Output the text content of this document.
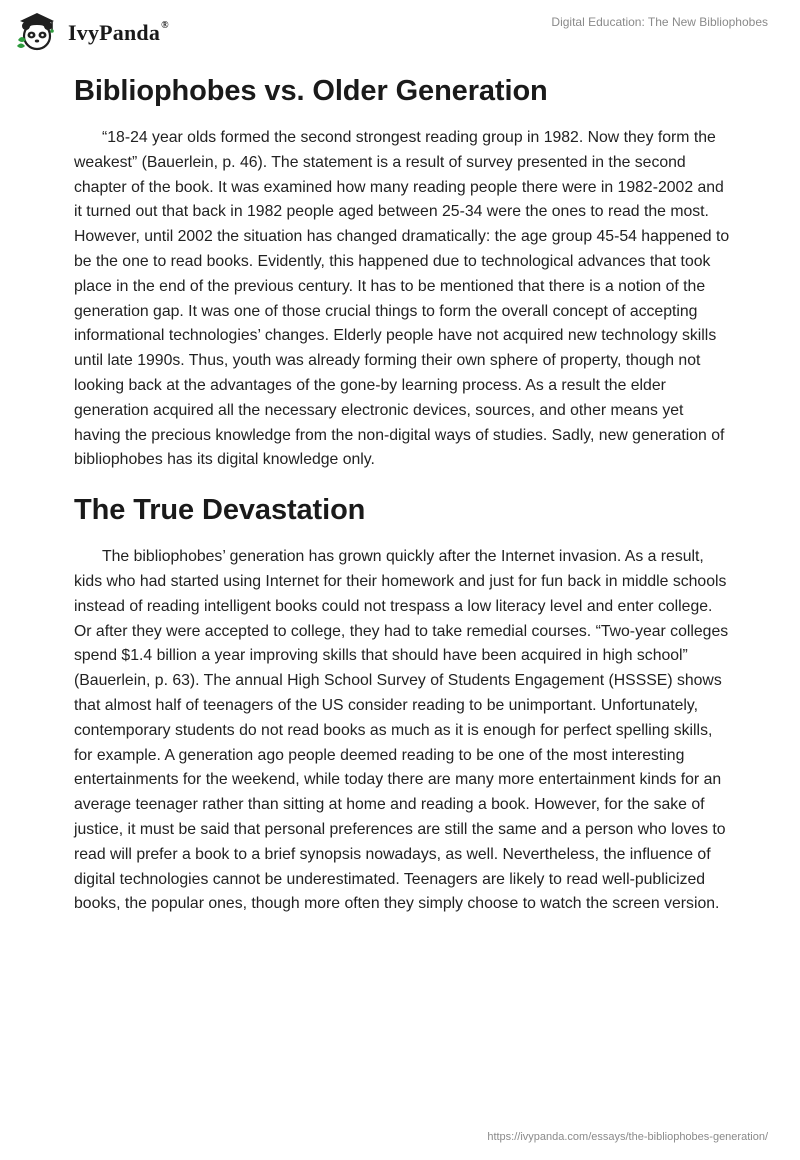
IvyPanda®	Digital Education: The New Bibliophobes
Bibliophobes vs. Older Generation

“18-24 year olds formed the second strongest reading group in 1982. Now they form the weakest” (Bauerlein, p. 46). The statement is a result of survey presented in the second chapter of the book. It was examined how many reading people there were in 1982-2002 and it turned out that back in 1982 people aged between 25-34 were the ones to read the most. However, until 2002 the situation has changed dramatically: the age group 45-54 happened to be the one to read books. Evidently, this happened due to technological advances that took place in the end of the previous century. It has to be mentioned that there is a notion of the generation gap. It was one of those crucial things to form the overall concept of accepting informational technologies’ changes. Elderly people have not acquired new technology skills until late 1990s. Thus, youth was already forming their own sphere of property, though not looking back at the advantages of the gone-by learning process. As a result the elder generation acquired all the necessary electronic devices, sources, and other means yet having the precious knowledge from the non-digital ways of studies. Sadly, new generation of bibliophobes has its digital knowledge only.

The True Devastation

The bibliophobes’ generation has grown quickly after the Internet invasion. As a result, kids who had started using Internet for their homework and just for fun back in middle schools instead of reading intelligent books could not trespass a low literacy level and enter college. Or after they were accepted to college, they had to take remedial courses. “Two-year colleges spend $1.4 billion a year improving skills that should have been acquired in high school” (Bauerlein, p. 63). The annual High School Survey of Students Engagement (HSSSE) shows that almost half of teenagers of the US consider reading to be unimportant. Unfortunately, contemporary students do not read books as much as it is enough for perfect spelling skills, for example. A generation ago people deemed reading to be one of the most interesting entertainments for the weekend, while today there are many more entertainment kinds for an average teenager rather than sitting at home and reading a book. However, for the sake of justice, it must be said that personal preferences are still the same and a person who loves to read will prefer a book to a brief synopsis nowadays, as well. Nevertheless, the influence of digital technologies cannot be underestimated. Teenagers are likely to read well-publicized books, the popular ones, though more often they simply choose to watch the screen version.

https://ivypanda.com/essays/the-bibliophobes-generation/
